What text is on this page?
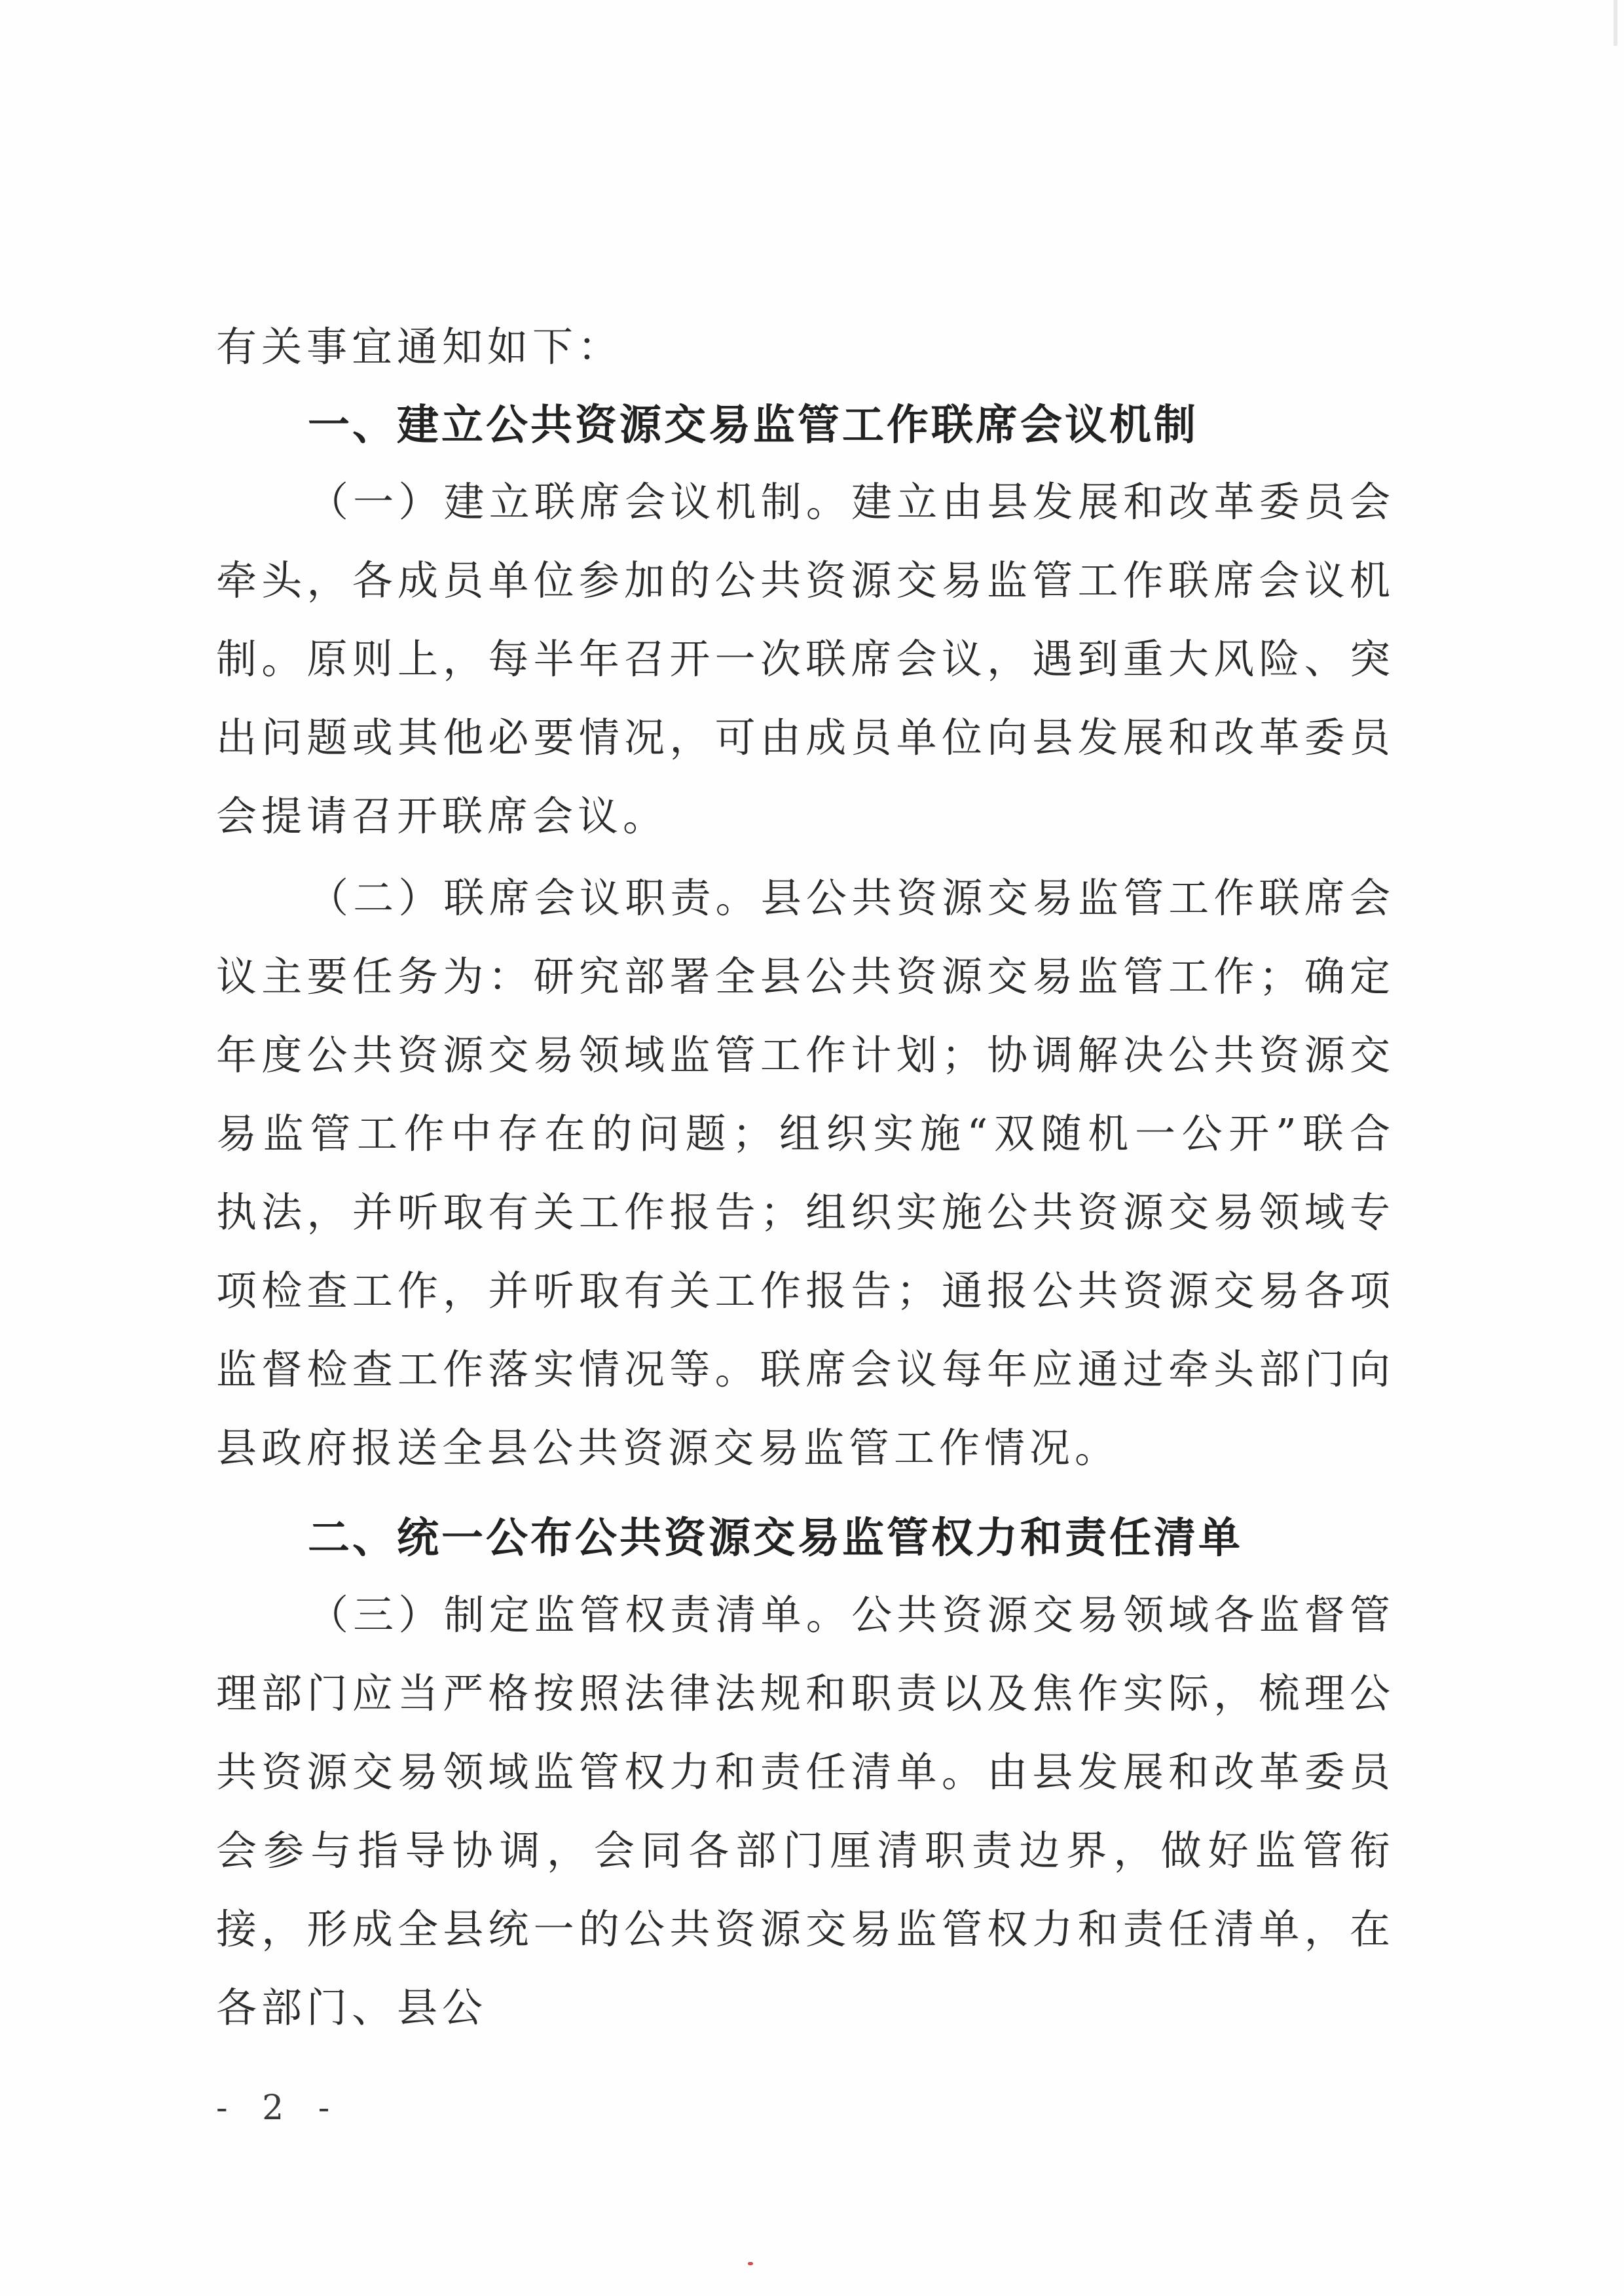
有关事宜通知如下：

一、建立公共资源交易监管工作联席会议机制

（一）建立联席会议机制。建立由县发展和改革委员会牵头，各成员单位参加的公共资源交易监管工作联席会议机制。原则上，每半年召开一次联席会议，遇到重大风险、突出问题或其他必要情况，可由成员单位向县发展和改革委员会提请召开联席会议。

（二）联席会议职责。县公共资源交易监管工作联席会议主要任务为：研究部署全县公共资源交易监管工作；确定年度公共资源交易领域监管工作计划；协调解决公共资源交易监管工作中存在的问题；组织实施“双随机一公开”联合执法，并听取有关工作报告；组织实施公共资源交易领域专项检查工作，并听取有关工作报告；通报公共资源交易各项监督检查工作落实情况等。联席会议每年应通过牵头部门向县政府报送全县公共资源交易监管工作情况。

二、统一公布公共资源交易监管权力和责任清单

（三）制定监管权责清单。公共资源交易领域各监督管理部门应当严格按照法律法规和职责以及焦作实际，梳理公共资源交易领域监管权力和责任清单。由县发展和改革委员会参与指导协调，会同各部门厘清职责边界，做好监管衔接，形成全县统一的公共资源交易监管权力和责任清单，在各部门、县公

- 2 -
